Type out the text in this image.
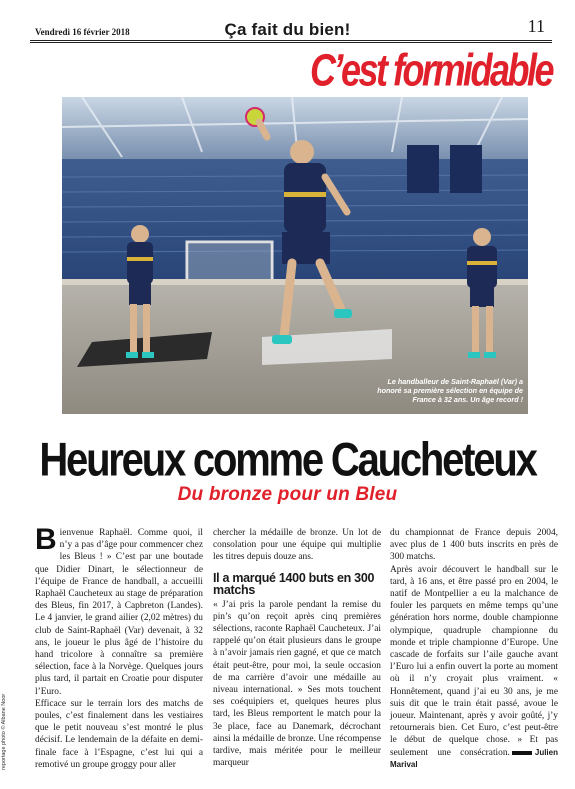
Vendredi 16 février 2018	Ça fait du bien!	11
C’est formidable
Le handballeur de Saint-Raphaël (Var) a honoré sa première sélection en équipe de France à 32 ans. Un âge record !
Heureux comme Caucheteux
Du bronze pour un Bleu

Bienvenue Raphaël. Comme quoi, il n’y a pas d’âge pour commencer chez les Bleus ! » C’est par une boutade que Didier Dinart, le sélectionneur de l’équipe de France de handball, a accueilli Raphaël Caucheteux au stage de préparation des Bleus, fin 2017, à Capbreton (Landes). Le 4 janvier, le grand ailier (2,02 mètres) du club de Saint-Raphaël (Var) devenait, à 32 ans, le joueur le plus âgé de l’histoire du hand tricolore à connaître sa première sélection, face à la Norvège. Quelques jours plus tard, il partait en Croatie pour disputer l’Euro.

Efficace sur le terrain lors des matchs de poules, c’est finalement dans les vestiaires que le petit nouveau s’est montré le plus décisif. Le lendemain de la défaite en demi-finale face à l’Espagne, c’est lui qui a remotivé un groupe groggy pour aller

chercher la médaille de bronze. Un lot de consolation pour une équipe qui multiplie les titres depuis douze ans.

Il a marqué 1400 buts en 300 matchs

« J’ai pris la parole pendant la remise du pin’s qu’on reçoit après cinq premières sélections, raconte Raphaël Caucheteux. J’ai rappelé qu’on était plusieurs dans le groupe à n’avoir jamais rien gagné, et que ce match était peut-être, pour moi, la seule occasion de ma carrière d’avoir une médaille au niveau international. » Ses mots touchent ses coéquipiers et, quelques heures plus tard, les Bleus remportent le match pour la 3e place, face au Danemark, décrochant ainsi la médaille de bronze. Une récompense tardive, mais méritée pour le meilleur marqueur

du championnat de France depuis 2004, avec plus de 1 400 buts inscrits en près de 300 matchs.

Après avoir découvert le handball sur le tard, à 16 ans, et être passé pro en 2004, le natif de Montpellier a eu la malchance de fouler les parquets en même temps qu’une génération hors norme, double championne olympique, quadruple championne du monde et triple championne d’Europe. Une cascade de forfaits sur l’aile gauche avant l’Euro lui a enfin ouvert la porte au moment où il n’y croyait plus vraiment. « Honnêtement, quand j’ai eu 30 ans, je me suis dit que le train était passé, avoue le joueur. Maintenant, après y avoir goûté, j’y retournerais bien. Cet Euro, c’est peut-être le début de quelque chose. » Et pas seulement une consécration.	Julien Marival

reportage photo © Albane Noor
